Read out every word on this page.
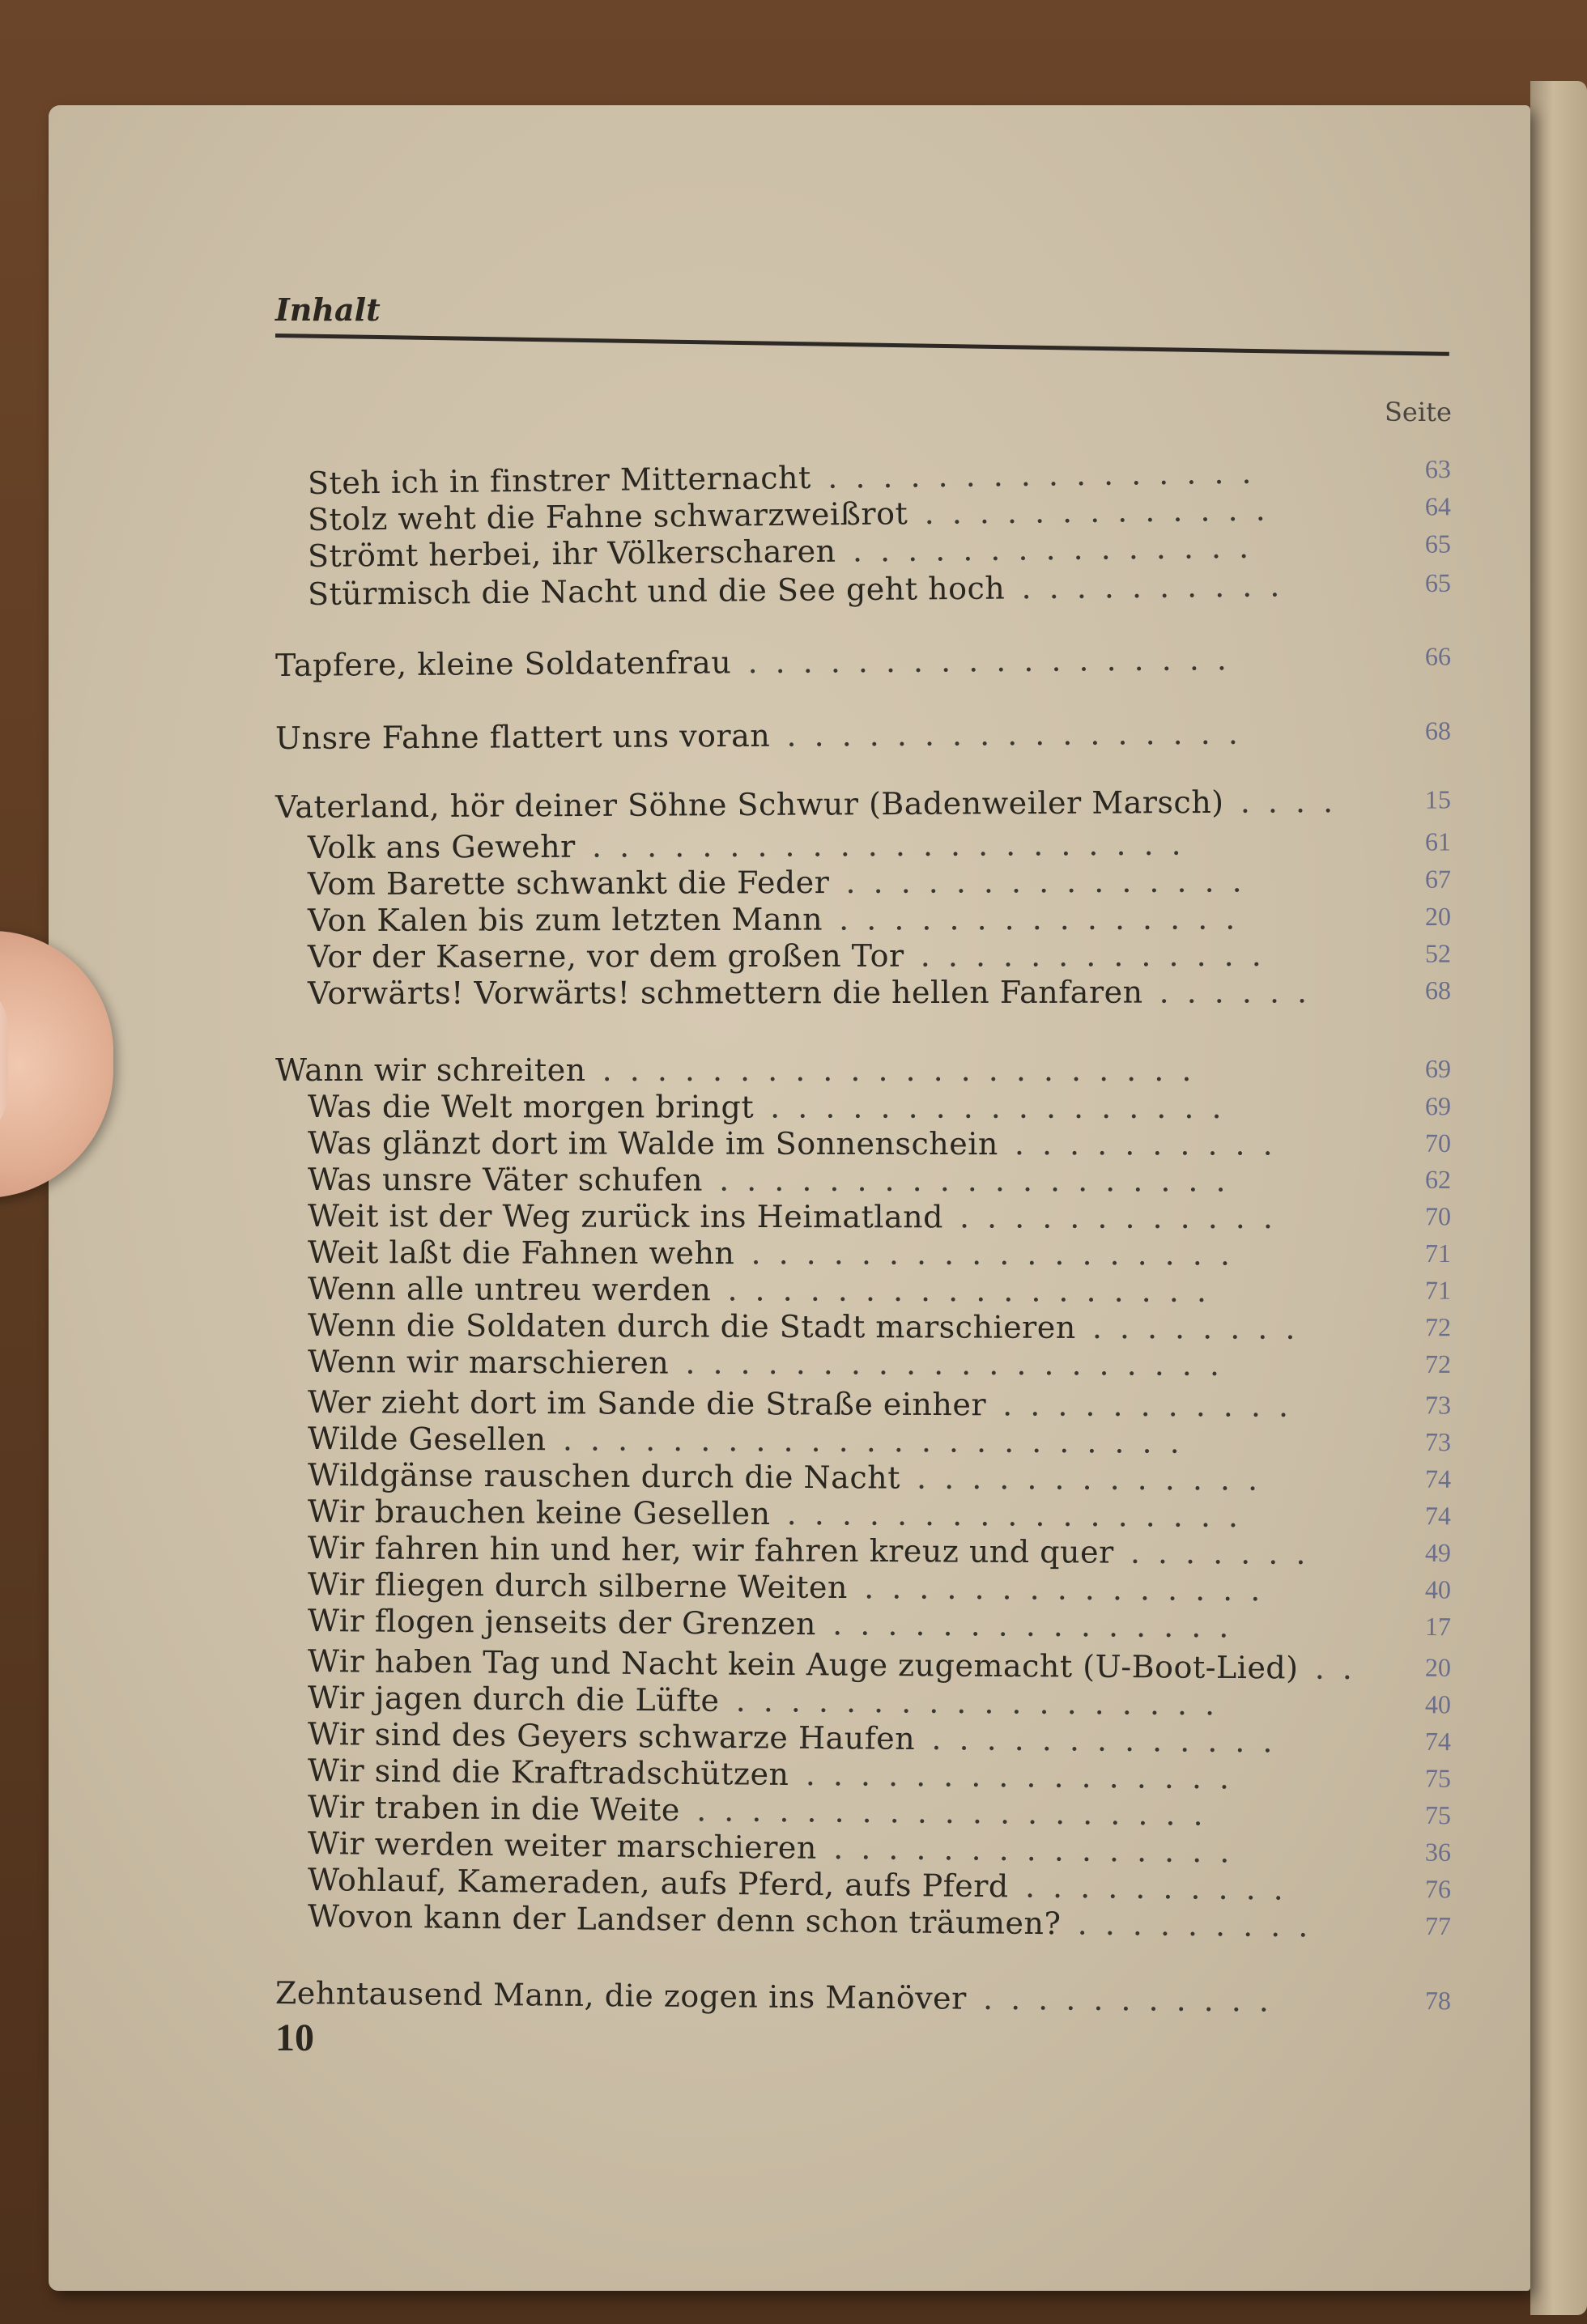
Inhalt
Seite
Steh ich in finstrer Mitternacht ................	63
Stolz weht die Fahne schwarzweißrot .............	64
Strömt herbei, ihr Völkerscharen ...............	65
Stürmisch die Nacht und die See geht hoch ..........	65
Tapfere, kleine Soldatenfrau ..................	66
Unsre Fahne flattert uns voran .................	68
Vaterland, hör deiner Söhne Schwur (Badenweiler Marsch) ....	15
Volk ans Gewehr ......................	61
Vom Barette schwankt die Feder ...............	67
Von Kalen bis zum letzten Mann ...............	20
Vor der Kaserne, vor dem großen Tor .............	52
Vorwärts! Vorwärts! schmettern die hellen Fanfaren ......	68
Wann wir schreiten ......................	69
Was die Welt morgen bringt .................	69
Was glänzt dort im Walde im Sonnenschein ..........	70
Was unsre Väter schufen ...................	62
Weit ist der Weg zurück ins Heimatland ............	70
Weit laßt die Fahnen wehn ..................	71
Wenn alle untreu werden ..................	71
Wenn die Soldaten durch die Stadt marschieren ........	72
Wenn wir marschieren ....................	72
Wer zieht dort im Sande die Straße einher ...........	73
Wilde Gesellen .......................	73
Wildgänse rauschen durch die Nacht .............	74
Wir brauchen keine Gesellen .................	74
Wir fahren hin und her, wir fahren kreuz und quer .......	49
Wir fliegen durch silberne Weiten ...............	40
Wir flogen jenseits der Grenzen ...............	17
Wir haben Tag und Nacht kein Auge zugemacht (U-Boot-Lied) .. 20
Wir jagen durch die Lüfte ..................	40
Wir sind des Geyers schwarze Haufen .............	74
Wir sind die Kraftradschützen ................	75
Wir traben in die Weite ...................	75
Wir werden weiter marschieren ...............	36
Wohlauf, Kameraden, aufs Pferd, aufs Pferd ..........	76
Wovon kann der Landser denn schon träumen? .........	77
Zehntausend Mann, die zogen ins Manöver ...........	78
10
